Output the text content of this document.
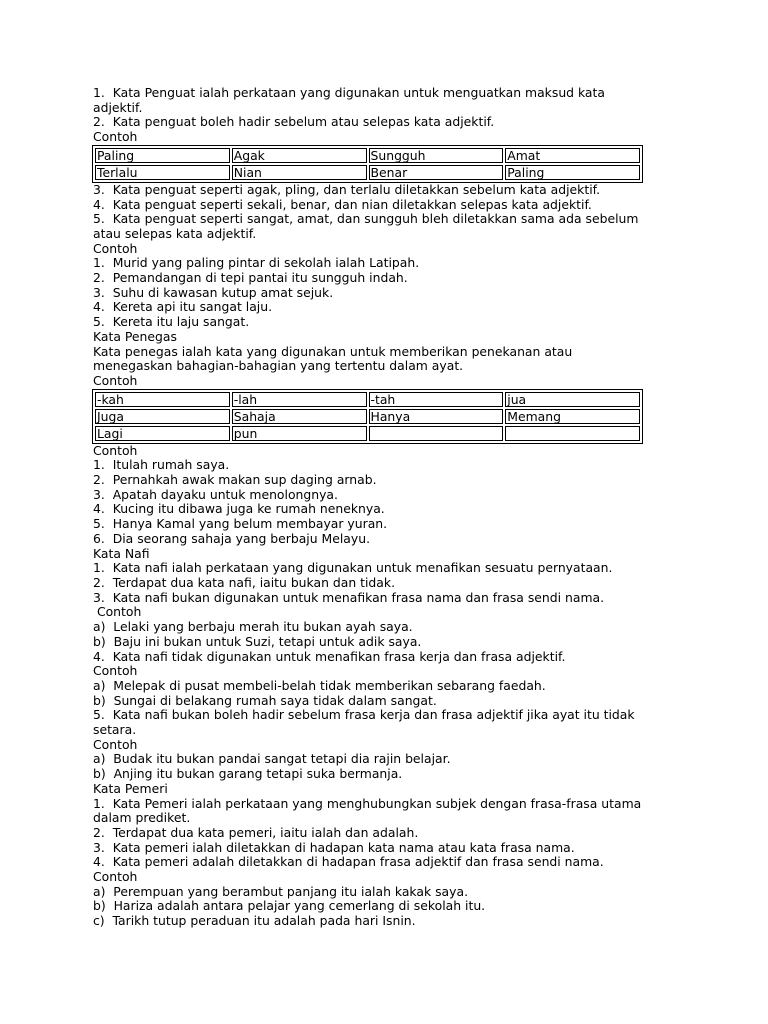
1.  Kata Penguat ialah perkataan yang digunakan untuk menguatkan maksud kata
adjektif.
2.  Kata penguat boleh hadir sebelum atau selepas kata adjektif.
Contoh
Paling	Agak	Sungguh	Amat
Terlalu	Nian	Benar	Paling
3.  Kata penguat seperti agak, pling, dan terlalu diletakkan sebelum kata adjektif.
4.  Kata penguat seperti sekali, benar, dan nian diletakkan selepas kata adjektif.
5.  Kata penguat seperti sangat, amat, dan sungguh bleh diletakkan sama ada sebelum
atau selepas kata adjektif.
Contoh
1.  Murid yang paling pintar di sekolah ialah Latipah.
2.  Pemandangan di tepi pantai itu sungguh indah.
3.  Suhu di kawasan kutup amat sejuk.
4.  Kereta api itu sangat laju.
5.  Kereta itu laju sangat.
Kata Penegas
Kata penegas ialah kata yang digunakan untuk memberikan penekanan atau
menegaskan bahagian-bahagian yang tertentu dalam ayat.
Contoh
-kah	-lah	-tah	jua
Juga	Sahaja	Hanya	Memang
Lagi	pun		
Contoh
1.  Itulah rumah saya.
2.  Pernahkah awak makan sup daging arnab.
3.  Apatah dayaku untuk menolongnya.
4.  Kucing itu dibawa juga ke rumah neneknya.
5.  Hanya Kamal yang belum membayar yuran.
6.  Dia seorang sahaja yang berbaju Melayu.
Kata Nafi
1.  Kata nafi ialah perkataan yang digunakan untuk menafikan sesuatu pernyataan.
2.  Terdapat dua kata nafi, iaitu bukan dan tidak.
3.  Kata nafi bukan digunakan untuk menafikan frasa nama dan frasa sendi nama.
Contoh
a)  Lelaki yang berbaju merah itu bukan ayah saya.
b)  Baju ini bukan untuk Suzi, tetapi untuk adik saya.
4.  Kata nafi tidak digunakan untuk menafikan frasa kerja dan frasa adjektif.
Contoh
a)  Melepak di pusat membeli-belah tidak memberikan sebarang faedah.
b)  Sungai di belakang rumah saya tidak dalam sangat.
5.  Kata nafi bukan boleh hadir sebelum frasa kerja dan frasa adjektif jika ayat itu tidak
setara.
Contoh
a)  Budak itu bukan pandai sangat tetapi dia rajin belajar.
b)  Anjing itu bukan garang tetapi suka bermanja.
Kata Pemeri
1.  Kata Pemeri ialah perkataan yang menghubungkan subjek dengan frasa-frasa utama
dalam prediket.
2.  Terdapat dua kata pemeri, iaitu ialah dan adalah.
3.  Kata pemeri ialah diletakkan di hadapan kata nama atau kata frasa nama.
4.  Kata pemeri adalah diletakkan di hadapan frasa adjektif dan frasa sendi nama.
Contoh
a)  Perempuan yang berambut panjang itu ialah kakak saya.
b)  Hariza adalah antara pelajar yang cemerlang di sekolah itu.
c)  Tarikh tutup peraduan itu adalah pada hari Isnin.
